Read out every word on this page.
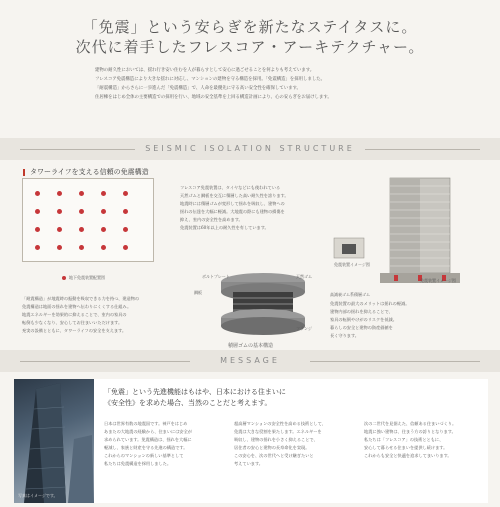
「免震」という安らぎを新たなステイタスに。
次代に着手したフレスコア・アーキテクチャー。

建物の耐久性においては、揺れ行き安い住むを人が暮らすとして安心に過ごせることを何よりも考えています。

フレスコア免震構造により大きな揺れに対応し、マンションの建物を守る構造を採用。「免震構造」を採用しました。

「耐震構造」からさらに一歩進んだ「免震構造」で、人命を最優先に守る高い安全性を確保しています。

住居棟をはじめ全体の主要構造での採用を行い、地域の安全基準を上回る構造計画により、心の安らぎをお届けします。

SEISMIC ISOLATION STRUCTURE
タワーライフを支える信頼の免震構造
地下免震装置配置図

「耐震構造」が地震時の振動を吸収できる力を持つ、建造物の

免震構造は地面の揺れを建物へ伝わりにくくする仕組み。

地震エネルギーを効果的に抑えることで、室内の家具の

転倒も少なくなり、安心してお住まいいただけます。

充実の設備とともに、タワーライフの安全を支えます。

フレスコア免震装置は、タイヤなどにも使われている

天然ゴムと鋼板を交互に積層した高い耐久性を誇ります。

地震時には積層ゴムが変形して揺れを吸収し、建物への

揺れの伝達を大幅に軽減。大地震の際にも建物の損傷を

抑え、室内の安全性を高めます。

免震装置は60年以上の耐久性を有しています。

ボルトプレート
鋼板
天然ゴム
フランジ
積層ゴムの基本構造
免震装置イメージ図
免震装置イメージ図
高減衰ゴム系積層ゴム

免震装置の最大のメリットは揺れの軽減。

建物内部の揺れを抑えることで、

家具の転倒やけがのリスクを低減。

暮らしの安全と建物の資産価値を

長く守ります。

MESSAGE
写真はイメージです。
「免震」という先進機能はもはや、日本における住まいに
《安全性》を求めた場合、当然のことだと考えます。

日本は世界有数の地震国です。神戸をはじめ

あまたの大地震の経験から、住まいには安全が

求められています。免震構造は、揺れを大幅に

軽減し、家族と財産を守る先進の構造です。

これからのマンションの新しい基準として

私たちは免震構造を採用しました。

超高層マンションの安全性を高める技術として、

免震は大きな役割を果たします。エネルギーを

吸収し、建物の揺れを小さく抑えることで、

居住者の安心と建物の長寿命化を実現。

この安心を、次の世代へと受け継ぎたいと

考えています。

次の二世代を見据えた、信頼ある住まいづくり。

地震に強い建物は、住まう方の誇りとなります。

私たちは「フレスコア」の技術とともに、

安心して暮らせる住まいを提供し続けます。

これからも安全と快適を追求してまいります。
